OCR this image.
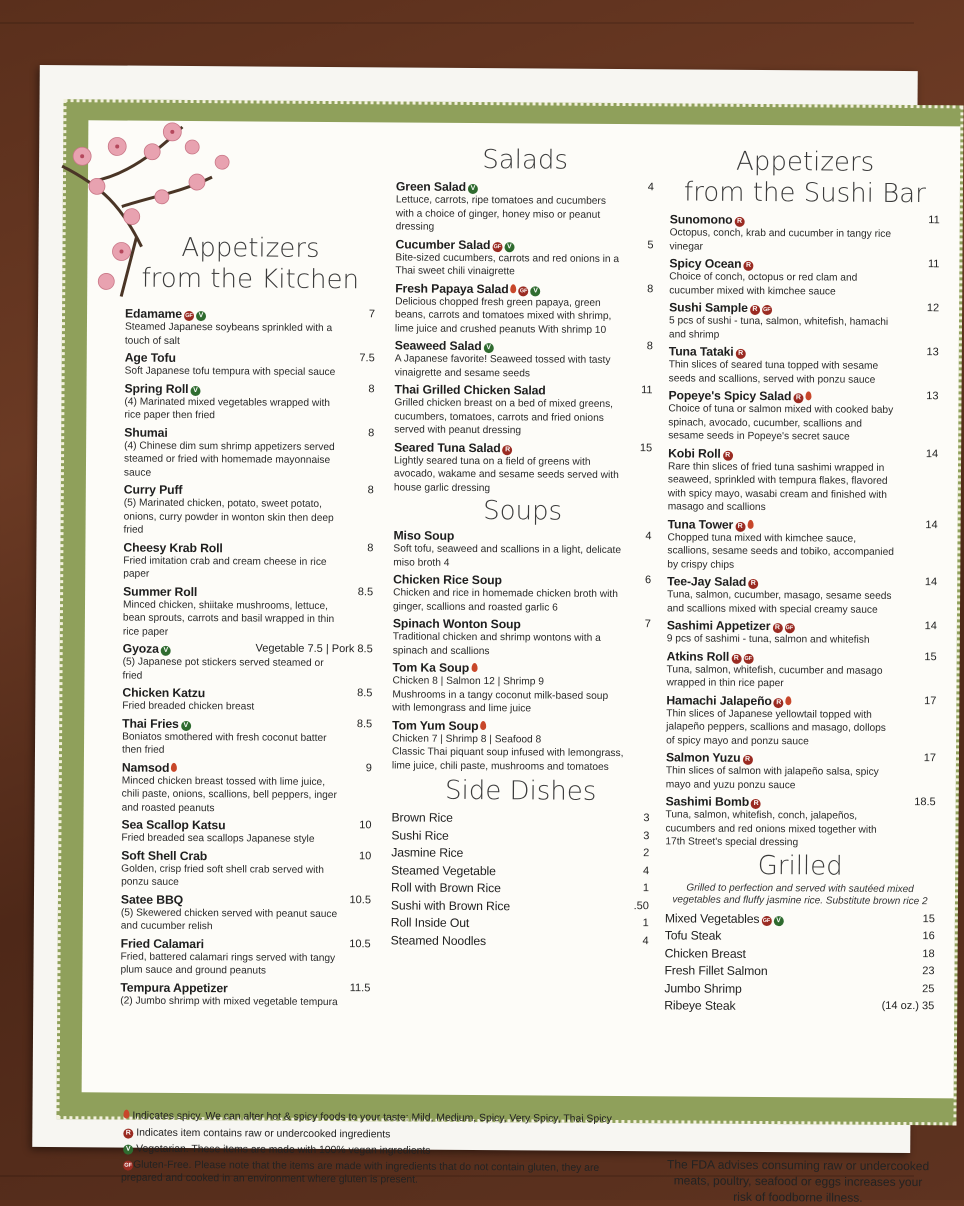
Appetizers
from the Kitchen
Edamame GF V	7
Steamed Japanese soybeans sprinkled with a touch of salt
Age Tofu	7.5
Soft Japanese tofu tempura with special sauce
Spring Roll V	8
(4) Marinated mixed vegetables wrapped with rice paper then fried
Shumai	8
(4) Chinese dim sum shrimp appetizers served steamed or fried with homemade mayonnaise sauce
Curry Puff	8
(5) Marinated chicken, potato, sweet potato, onions, curry powder in wonton skin then deep fried
Cheesy Krab Roll	8
Fried imitation crab and cream cheese in rice paper
Summer Roll	8.5
Minced chicken, shiitake mushrooms, lettuce, bean sprouts, carrots and basil wrapped in thin rice paper
Gyoza V	Vegetable 7.5 | Pork 8.5
(5) Japanese pot stickers served steamed or fried
Chicken Katzu	8.5
Fried breaded chicken breast
Thai Fries V	8.5
Boniatos smothered with fresh coconut batter then fried
Namsod	9
Minced chicken breast tossed with lime juice, chili paste, onions, scallions, bell peppers, inger and roasted peanuts
Sea Scallop Katsu	10
Fried breaded sea scallops Japanese style
Soft Shell Crab	10
Golden, crisp fried soft shell crab served with ponzu sauce
Satee BBQ	10.5
(5) Skewered chicken served with peanut sauce and cucumber relish
Fried Calamari	10.5
Fried, battered calamari rings served with tangy plum sauce and ground peanuts
Tempura Appetizer	11.5
(2) Jumbo shrimp with mixed vegetable tempura
Salads
Green Salad V	4
Lettuce, carrots, ripe tomatoes and cucumbers with a choice of ginger, honey miso or peanut dressing
Cucumber Salad GF V	5
Bite-sized cucumbers, carrots and red onions in a Thai sweet chili vinaigrette
Fresh Papaya Salad GF V	8
Delicious chopped fresh green papaya, green beans, carrots and tomatoes mixed with shrimp, lime juice and crushed peanuts With shrimp 10
Seaweed Salad V	8
A Japanese favorite! Seaweed tossed with tasty vinaigrette and sesame seeds
Thai Grilled Chicken Salad	11
Grilled chicken breast on a bed of mixed greens, cucumbers, tomatoes, carrots and fried onions served with peanut dressing
Seared Tuna Salad R	15
Lightly seared tuna on a field of greens with avocado, wakame and sesame seeds served with house garlic dressing
Soups
Miso Soup	4
Soft tofu, seaweed and scallions in a light, delicate miso broth 4
Chicken Rice Soup	6
Chicken and rice in homemade chicken broth with ginger, scallions and roasted garlic 6
Spinach Wonton Soup	7
Traditional chicken and shrimp wontons with a spinach and scallions
Tom Ka Soup
Chicken 8 | Salmon 12 | Shrimp 9
Mushrooms in a tangy coconut milk-based soup with lemongrass and lime juice
Tom Yum Soup
Chicken 7 | Shrimp 8 | Seafood 8
Classic Thai piquant soup infused with lemongrass, lime juice, chili paste, mushrooms and tomatoes
Side Dishes
Brown Rice	3
Sushi Rice	3
Jasmine Rice	2
Steamed Vegetable	4
Roll with Brown Rice	1
Sushi with Brown Rice	.50
Roll Inside Out	1
Steamed Noodles	4
Appetizers
from the Sushi Bar
Sunomono R	11
Octopus, conch, krab and cucumber in tangy rice vinegar
Spicy Ocean R	11
Choice of conch, octopus or red clam and cucumber mixed with kimchee sauce
Sushi Sample R GF	12
5 pcs of sushi - tuna, salmon, whitefish, hamachi and shrimp
Tuna Tataki R	13
Thin slices of seared tuna topped with sesame seeds and scallions, served with ponzu sauce
Popeye's Spicy Salad R	13
Choice of tuna or salmon mixed with cooked baby spinach, avocado, cucumber, scallions and sesame seeds in Popeye's secret sauce
Kobi Roll R	14
Rare thin slices of fried tuna sashimi wrapped in seaweed, sprinkled with tempura flakes, flavored with spicy mayo, wasabi cream and finished with masago and scallions
Tuna Tower R	14
Chopped tuna mixed with kimchee sauce, scallions, sesame seeds and tobiko, accompanied by crispy chips
Tee-Jay Salad R	14
Tuna, salmon, cucumber, masago, sesame seeds and scallions mixed with special creamy sauce
Sashimi Appetizer R GF	14
9 pcs of sashimi - tuna, salmon and whitefish
Atkins Roll R GF	15
Tuna, salmon, whitefish, cucumber and masago wrapped in thin rice paper
Hamachi Jalapeño R	17
Thin slices of Japanese yellowtail topped with jalapeño peppers, scallions and masago, dollops of spicy mayo and ponzu sauce
Salmon Yuzu R	17
Thin slices of salmon with jalapeño salsa, spicy mayo and yuzu ponzu sauce
Sashimi Bomb R	18.5
Tuna, salmon, whitefish, conch, jalapeños, cucumbers and red onions mixed together with 17th Street's special dressing
Grilled
Grilled to perfection and served with sautéed mixed vegetables and fluffy jasmine rice. Substitute brown rice 2
Mixed Vegetables GF V	15
Tofu Steak	16
Chicken Breast	18
Fresh Fillet Salmon	23
Jumbo Shrimp	25
Ribeye Steak	(14 oz.) 35
Indicates spicy. We can alter hot & spicy foods to your taste: Mild, Medium, Spicy, Very Spicy, Thai Spicy
R Indicates item contains raw or undercooked ingredients
V Vegetarian. These items are made with 100% vegan ingredients
GFGluten-Free. Please note that the items are made with ingredients that do not contain gluten, they are prepared and cooked in an environment where gluten is present.
The FDA advises consuming raw or undercooked meats, poultry, seafood or eggs increases your risk of foodborne illness.
